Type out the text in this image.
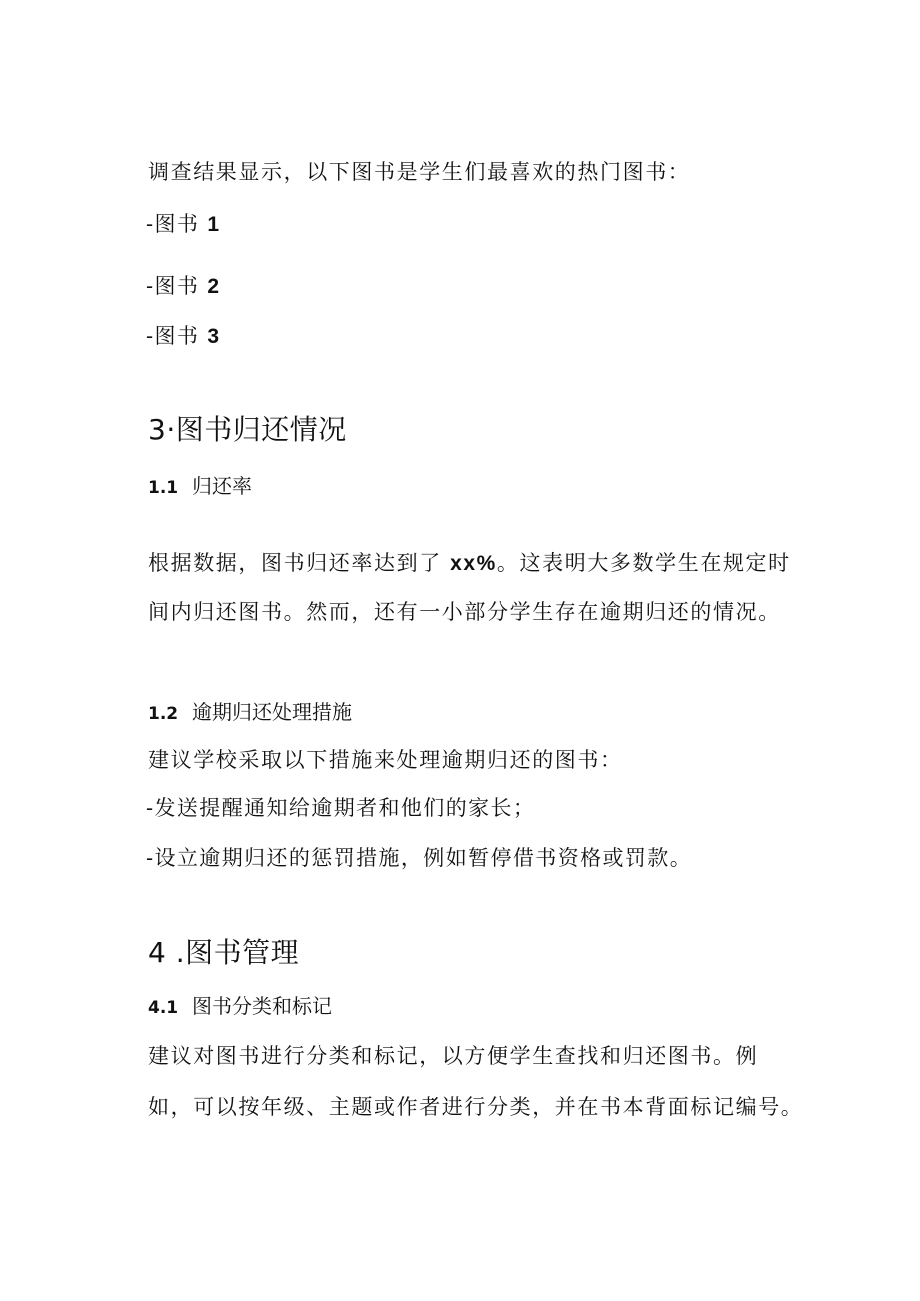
调查结果显示，以下图书是学生们最喜欢的热门图书：

-图书 1

-图书 2

-图书 3

3·图书归还情况
1.1 归还率

根据数据，图书归还率达到了 xx%。这表明大多数学生在规定时

间内归还图书。然而，还有一小部分学生存在逾期归还的情况。

1.2 逾期归还处理措施

建议学校采取以下措施来处理逾期归还的图书：

-发送提醒通知给逾期者和他们的家长；

-设立逾期归还的惩罚措施，例如暂停借书资格或罚款。

4 .图书管理
4.1 图书分类和标记

建议对图书进行分类和标记，以方便学生查找和归还图书。例

如，可以按年级、主题或作者进行分类，并在书本背面标记编号。
